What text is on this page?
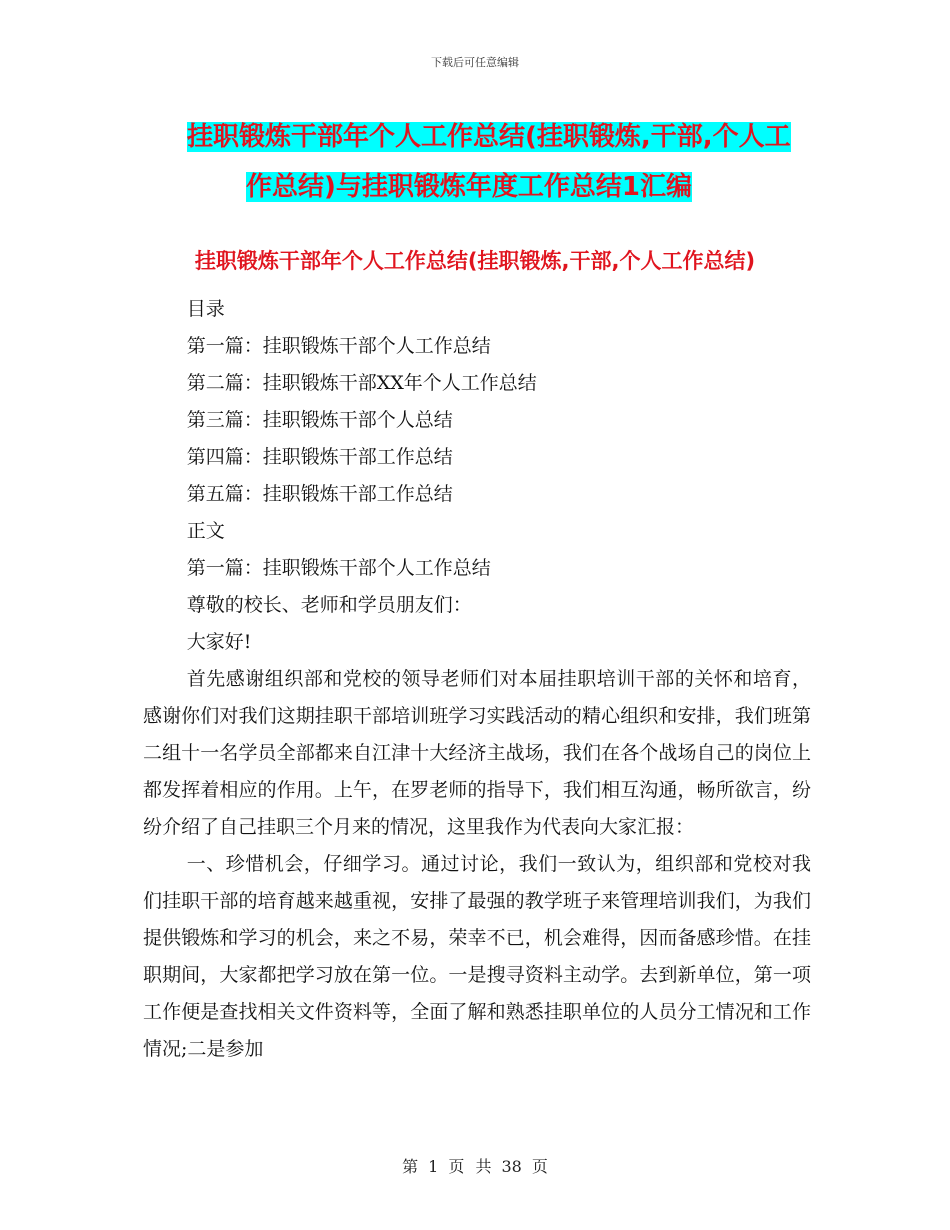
下载后可任意编辑
挂职锻炼干部年个人工作总结(挂职锻炼,干部,个人工
作总结)与挂职锻炼年度工作总结1汇编
挂职锻炼干部年个人工作总结(挂职锻炼,干部,个人工作总结)

目录

第一篇：挂职锻炼干部个人工作总结

第二篇：挂职锻炼干部XX年个人工作总结

第三篇：挂职锻炼干部个人总结

第四篇：挂职锻炼干部工作总结

第五篇：挂职锻炼干部工作总结

正文

第一篇：挂职锻炼干部个人工作总结

尊敬的校长、老师和学员朋友们：

大家好!

首先感谢组织部和党校的领导老师们对本届挂职培训干部的关怀和培育，感谢你们对我们这期挂职干部培训班学习实践活动的精心组织和安排，我们班第二组十一名学员全部都来自江津十大经济主战场，我们在各个战场自己的岗位上都发挥着相应的作用。上午，在罗老师的指导下，我们相互沟通，畅所欲言，纷纷介绍了自己挂职三个月来的情况，这里我作为代表向大家汇报：

一、珍惜机会，仔细学习。通过讨论，我们一致认为，组织部和党校对我们挂职干部的培育越来越重视，安排了最强的教学班子来管理培训我们，为我们提供锻炼和学习的机会，来之不易，荣幸不已，机会难得，因而备感珍惜。在挂职期间，大家都把学习放在第一位。一是搜寻资料主动学。去到新单位，第一项工作便是查找相关文件资料等，全面了解和熟悉挂职单位的人员分工情况和工作情况;二是参加

第 1 页 共 38 页
